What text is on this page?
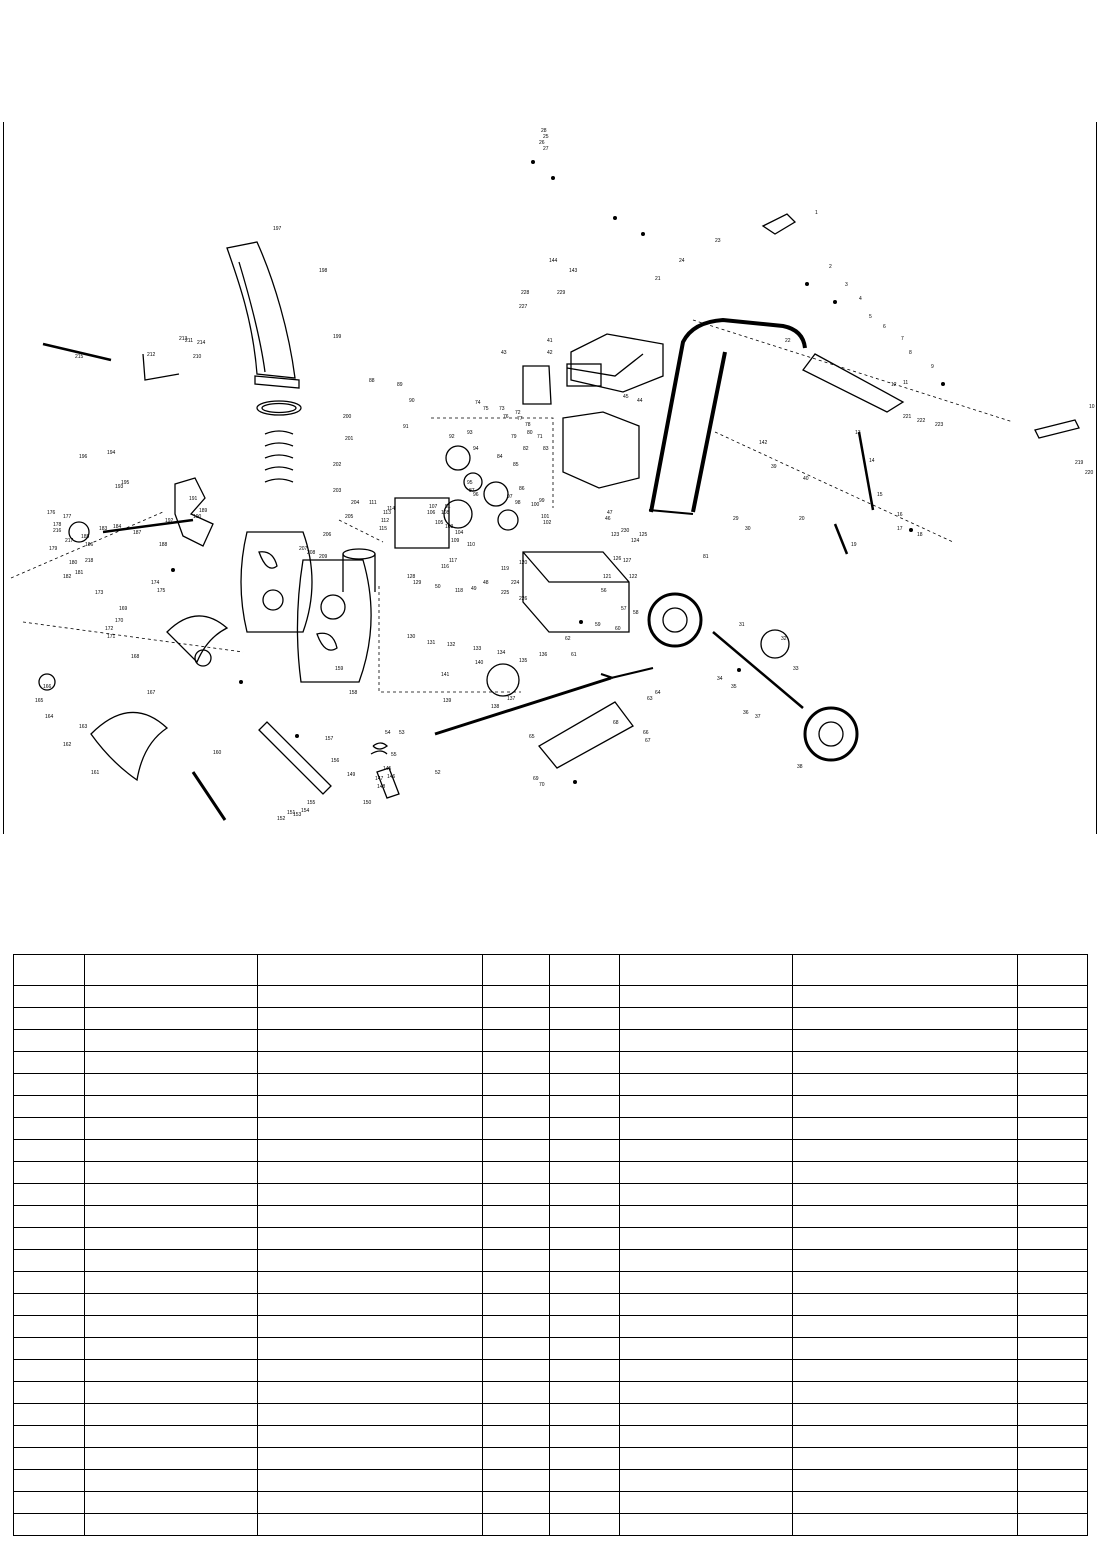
1
2
3
4
5
6
7
8
9
10
11
12
13
14
15
16
17
18
19
20
21
22
23
24
25
26
27
28
29
30
31
32
33
34
35
36
37
38
39
40
41
42
43
44
45
46
47
48
49
50
51
52
53
54
55
56
57
58
59
60
61
62
63
64
65
66
67
68
69
70
71
72
73
74
75
76 77
78
79
80
81
82	83
84
85
86
87
88
89
90
91
92
93
94
95
96	97
98	99
100
101
102
103
104
105
106
107
108
109
110
111
112
113
114
115
116
117
118
119
120
121	122
123
124
125
126 127
128
129
130
131 132
133
134
135
136
137
138
139
140
141
142
143
144
145
146
147
148
149
150
151
152
153
154
155
156
157
158
159
160
161
162
163
164
165
166
167
168
169
170
171
172
173
174
175
176
177
178
179
180
181
182
183 184
185
186
187
188
189
190
191
192
193
194
195
196
197
198
199
200
201
202
203
204
205
206
207
208
209
210
211
212
213
214
215
216
217
218
219
220
221
222
223
224
225
226
227
228	229
230
